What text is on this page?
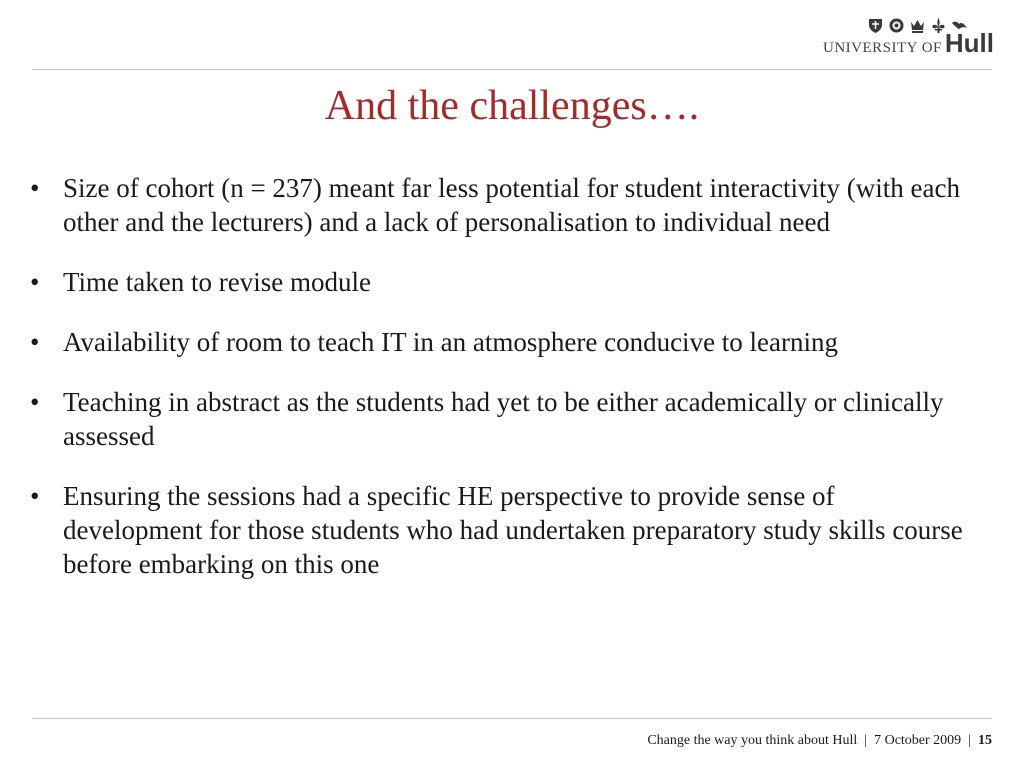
UNIVERSITY OF Hull
And the challenges….
• Size of cohort (n = 237) meant far less potential for student interactivity (with each other and the lecturers) and a lack of personalisation to individual need
• Time taken to revise module
• Availability of room to teach IT in an atmosphere conducive to learning
• Teaching in abstract as the students had yet to be either academically or clinically assessed
• Ensuring the sessions had a specific HE perspective to provide sense of development for those students who had undertaken preparatory study skills course before embarking on this one
Change the way you think about Hull | 7 October 2009 | 15
